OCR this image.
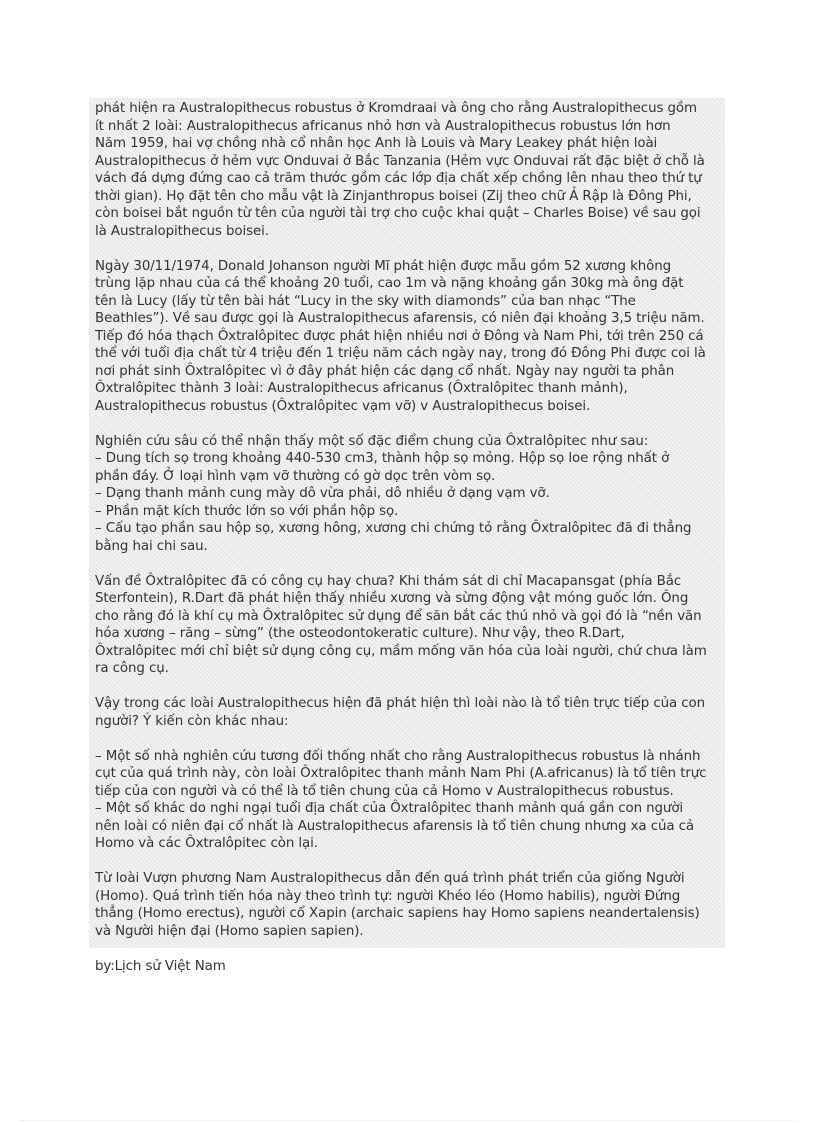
phát hiện ra Australopithecus robustus ở Kromdraai và ông cho rằng Australopithecus gồm
ít nhất 2 loài: Australopithecus africanus nhỏ hơn và Australopithecus robustus lớn hơn
Năm 1959, hai vợ chồng nhà cổ nhân học Anh là Louis và Mary Leakey phát hiện loài
Australopithecus ở hẻm vực Onduvai ở Bắc Tanzania (Hẻm vực Onduvai rất đặc biệt ở chỗ là
vách đá dựng đứng cao cả trăm thước gồm các lớp địa chất xếp chồng lên nhau theo thứ tự
thời gian). Họ đặt tên cho mẫu vật là Zinjanthropus boisei (Zij theo chữ Ả Rập là Đông Phi,
còn boisei bắt nguồn từ tên của người tài trợ cho cuộc khai quật – Charles Boise) về sau gọi
là Australopithecus boisei.
Ngày 30/11/1974, Donald Johanson người Mĩ phát hiện được mẫu gồm 52 xương không
trùng lặp nhau của cá thể khoảng 20 tuổi, cao 1m và nặng khoảng gần 30kg mà ông đặt
tên là Lucy (lấy từ tên bài hát “Lucy in the sky with diamonds” của ban nhạc “The
Beathles”). Về sau được gọi là Australopithecus afarensis, có niên đại khoảng 3,5 triệu năm.
Tiếp đó hóa thạch Ôxtralôpitec được phát hiện nhiều nơi ở Đông và Nam Phi, tới trên 250 cá
thể với tuổi địa chất từ 4 triệu đến 1 triệu năm cách ngày nay, trong đó Đông Phi được coi là
nơi phát sinh Ôxtralôpitec vì ở đây phát hiện các dạng cổ nhất. Ngày nay người ta phân
Ôxtralôpitec thành 3 loài: Australopithecus africanus (Ôxtralôpitec thanh mảnh),
Australopithecus robustus (Ôxtralôpitec vạm vỡ) v Australopithecus boisei.
Nghiên cứu sâu có thể nhận thấy một số đặc điểm chung của Ôxtralôpitec như sau:
– Dung tích sọ trong khoảng 440-530 cm3, thành hộp sọ mỏng. Hộp sọ loe rộng nhất ở
phần đáy. Ở loại hình vạm vỡ thường có gờ dọc trên vòm sọ.
– Dạng thanh mảnh cung mày dô vừa phải, dô nhiều ở dạng vạm vỡ.
– Phần mặt kích thước lớn so với phần hộp sọ.
– Cấu tạo phần sau hộp sọ, xương hông, xương chi chứng tỏ rằng Ôxtralôpitec đã đi thẳng
bằng hai chi sau.
Vấn đề Ôxtralôpitec đã có công cụ hay chưa? Khi thám sát di chỉ Macapansgat (phía Bắc
Sterfontein), R.Dart đã phát hiện thấy nhiều xương và sừng động vật móng guốc lớn. Ông
cho rằng đó là khí cụ mà Ôxtralôpitec sử dụng để săn bắt các thú nhỏ và gọi đó là “nền văn
hóa xương – răng – sừng” (the osteodontokeratic culture). Như vậy, theo R.Dart,
Ôxtralôpitec mới chỉ biệt sử dụng công cụ, mầm mống văn hóa của loài người, chứ chưa làm
ra công cụ.
Vậy trong các loài Australopithecus hiện đã phát hiện thì loài nào là tổ tiên trực tiếp của con
người? Ý kiến còn khác nhau:
– Một số nhà nghiên cứu tương đối thống nhất cho rằng Australopithecus robustus là nhánh
cụt của quá trình này, còn loài Ôxtralôpitec thanh mảnh Nam Phi (A.africanus) là tổ tiên trực
tiếp của con người và có thể là tổ tiên chung của cả Homo v Australopithecus robustus.
– Một số khác do nghi ngại tuổi địa chất của Ôxtralôpitec thanh mảnh quá gần con người
nên loài có niên đại cổ nhất là Australopithecus afarensis là tổ tiên chung nhưng xa của cả
Homo và các Ôxtralôpitec còn lại.
Từ loài Vượn phương Nam Australopithecus dẫn đến quá trình phát triển của giống Người
(Homo). Quá trình tiến hóa này theo trình tự: người Khéo léo (Homo habilis), người Đứng
thẳng (Homo erectus), người cổ Xapin (archaic sapiens hay Homo sapiens neandertalensis)
và Người hiện đại (Homo sapien sapien).
by:Lịch sử Việt Nam
